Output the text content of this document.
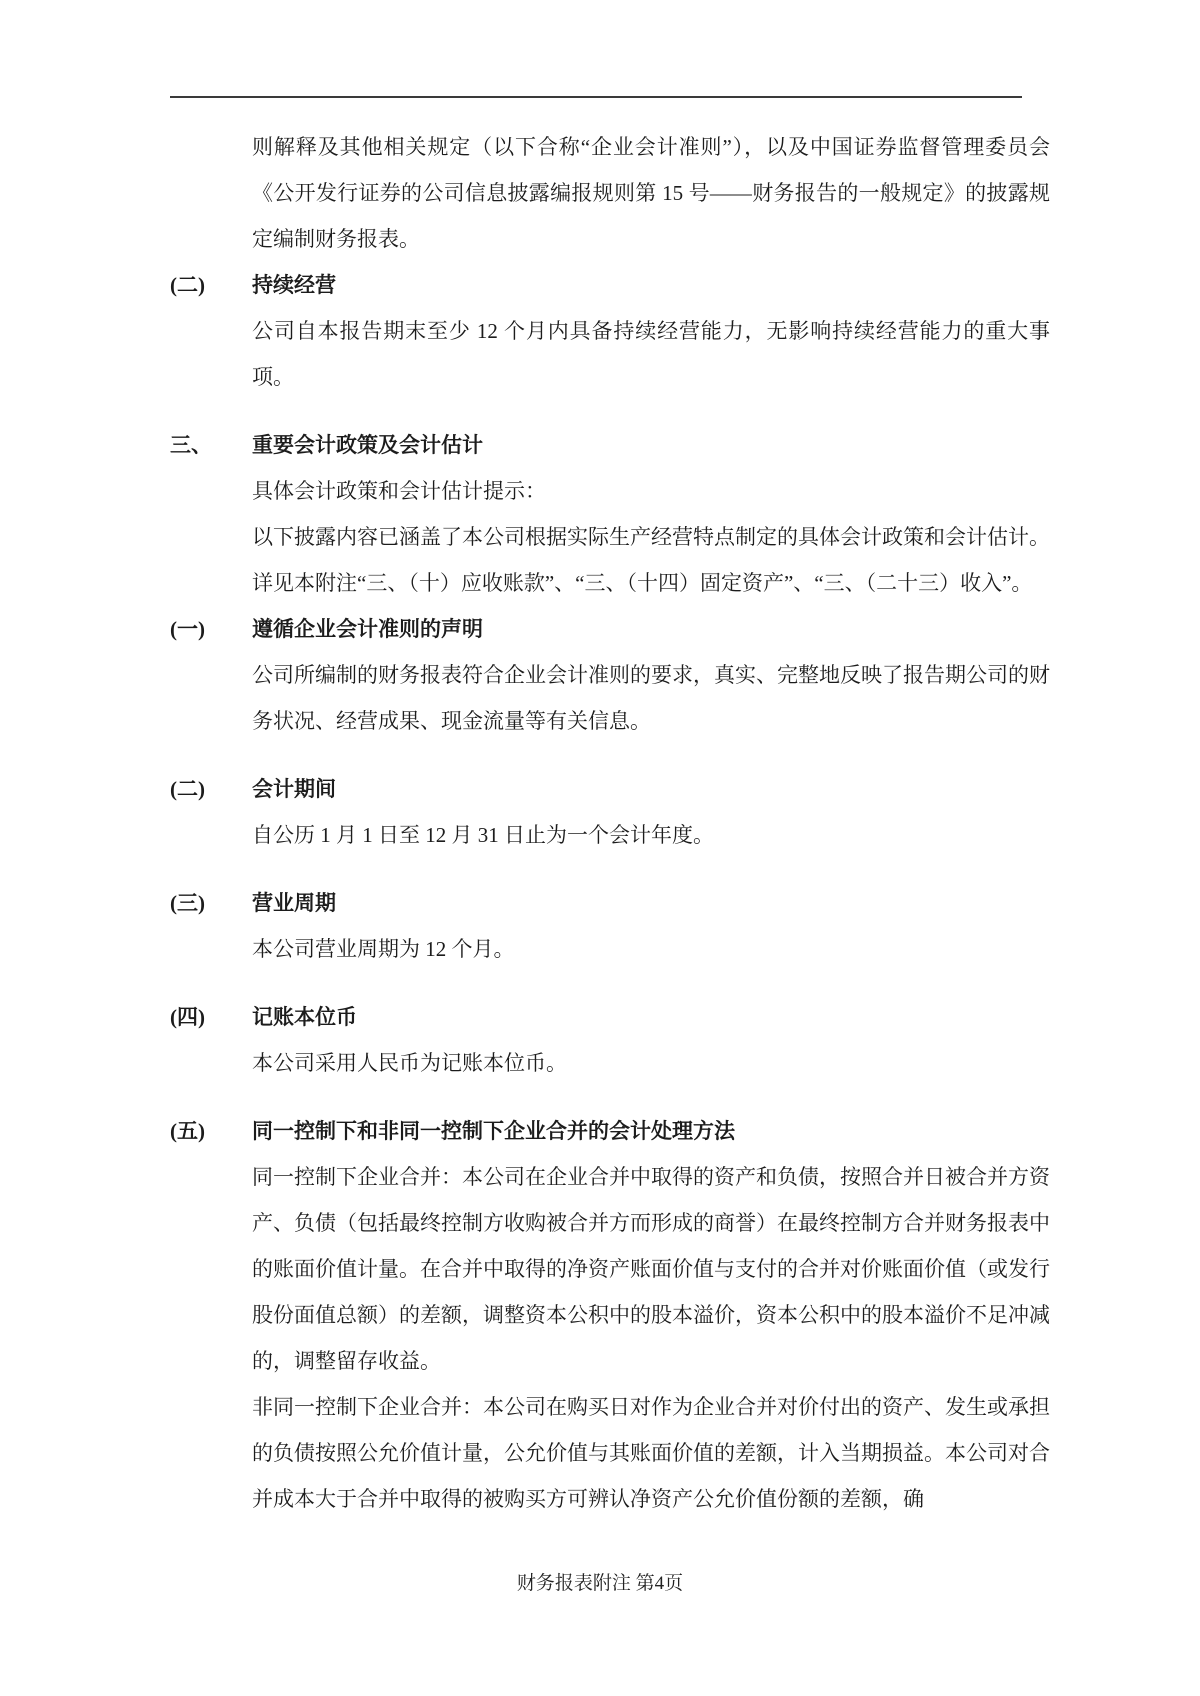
则解释及其他相关规定（以下合称“企业会计准则”），以及中国证券监督管理委员会《公开发行证券的公司信息披露编报规则第 15 号——财务报告的一般规定》的披露规定编制财务报表。

(二)	持续经营

公司自本报告期末至少 12 个月内具备持续经营能力，无影响持续经营能力的重大事项。

三、	重要会计政策及会计估计

具体会计政策和会计估计提示：

以下披露内容已涵盖了本公司根据实际生产经营特点制定的具体会计政策和会计估计。详见本附注“三、（十）应收账款”、“三、（十四）固定资产”、“三、（二十三）收入”。

(一)	遵循企业会计准则的声明

公司所编制的财务报表符合企业会计准则的要求，真实、完整地反映了报告期公司的财务状况、经营成果、现金流量等有关信息。

(二)	会计期间

自公历 1 月 1 日至 12 月 31 日止为一个会计年度。

(三)	营业周期

本公司营业周期为 12 个月。

(四)	记账本位币

本公司采用人民币为记账本位币。

(五)	同一控制下和非同一控制下企业合并的会计处理方法

同一控制下企业合并：本公司在企业合并中取得的资产和负债，按照合并日被合并方资产、负债（包括最终控制方收购被合并方而形成的商誉）在最终控制方合并财务报表中的账面价值计量。在合并中取得的净资产账面价值与支付的合并对价账面价值（或发行股份面值总额）的差额，调整资本公积中的股本溢价，资本公积中的股本溢价不足冲减的，调整留存收益。

非同一控制下企业合并：本公司在购买日对作为企业合并对价付出的资产、发生或承担的负债按照公允价值计量，公允价值与其账面价值的差额，计入当期损益。本公司对合并成本大于合并中取得的被购买方可辨认净资产公允价值份额的差额，确

财务报表附注 第4页
